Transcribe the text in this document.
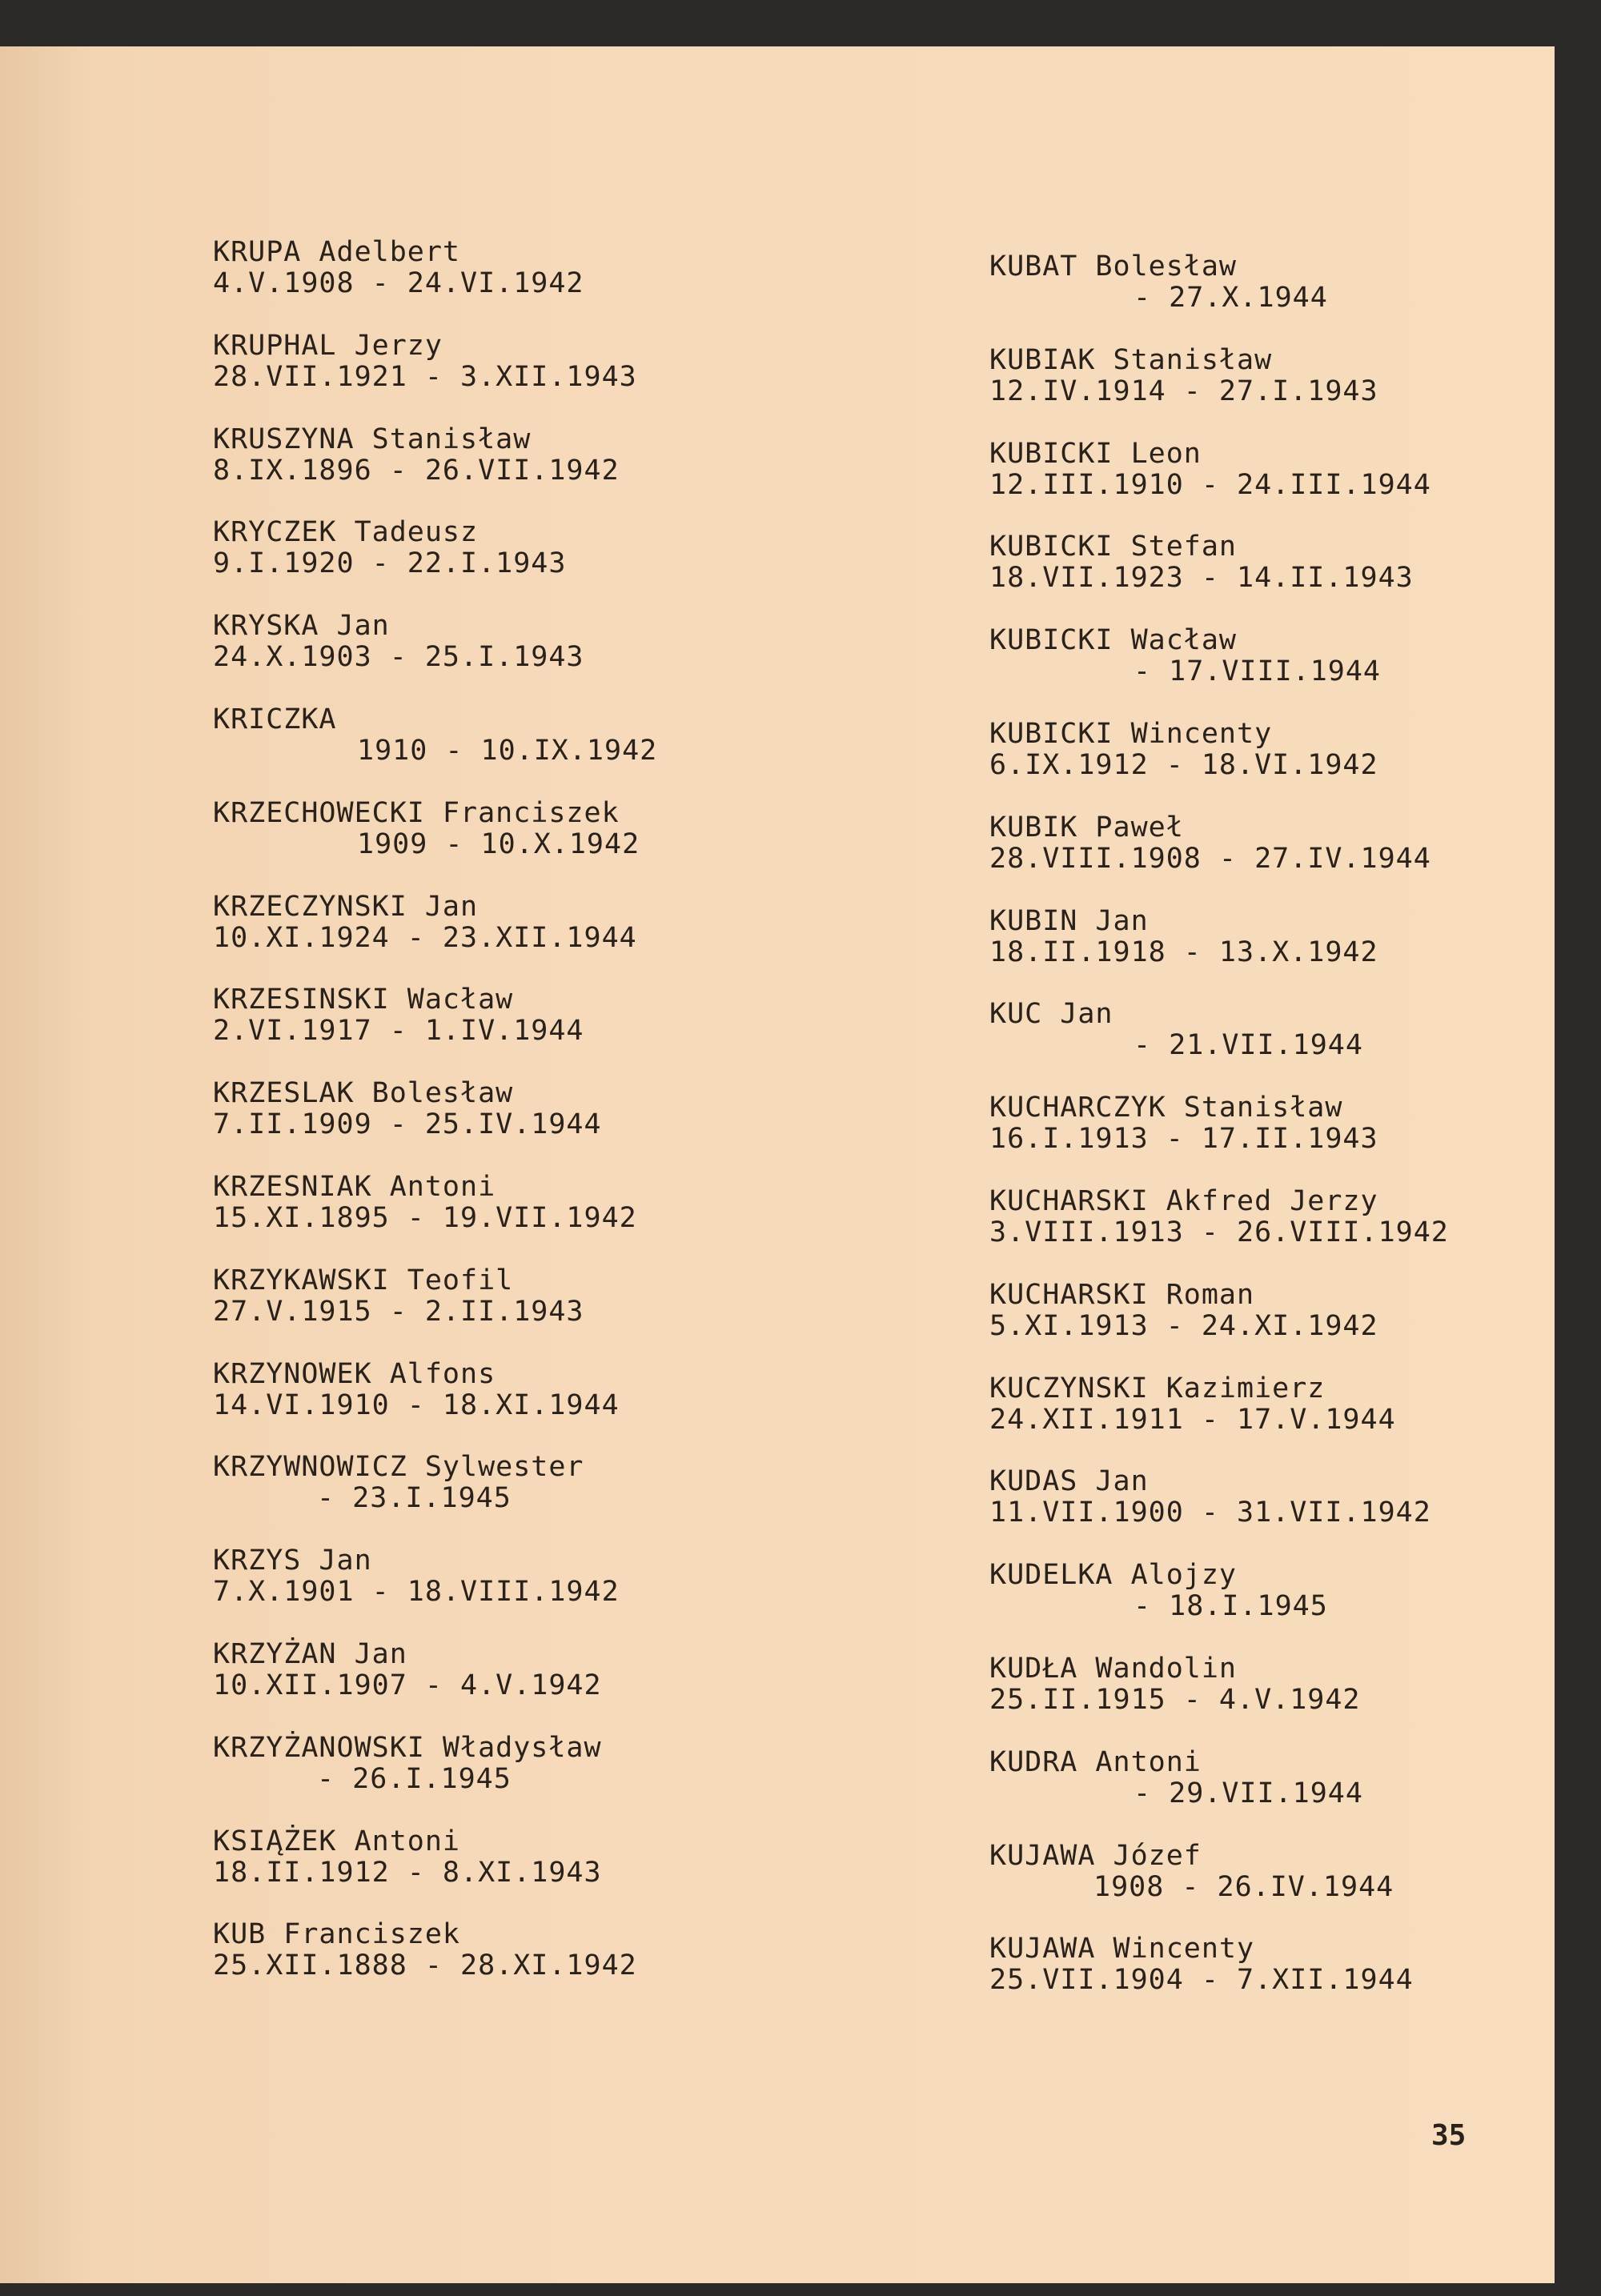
KRUPA Adelbert
4.V.1908 - 24.VI.1942
KRUPHAL Jerzy
28.VII.1921 - 3.XII.1943
KRUSZYNA Stanisław
8.IX.1896 - 26.VII.1942
KRYCZEK Tadeusz
9.I.1920 - 22.I.1943
KRYSKA Jan
24.X.1903 - 25.I.1943
KRICZKA
1910 - 10.IX.1942
KRZECHOWECKI Franciszek
1909 - 10.X.1942
KRZECZYNSKI Jan
10.XI.1924 - 23.XII.1944
KRZESINSKI Wacław
2.VI.1917 - 1.IV.1944
KRZESLAK Bolesław
7.II.1909 - 25.IV.1944
KRZESNIAK Antoni
15.XI.1895 - 19.VII.1942
KRZYKAWSKI Teofil
27.V.1915 - 2.II.1943
KRZYNOWEK Alfons
14.VI.1910 - 18.XI.1944
KRZYWNOWICZ Sylwester
- 23.I.1945
KRZYS Jan
7.X.1901 - 18.VIII.1942
KRZYŻAN Jan
10.XII.1907 - 4.V.1942
KRZYŻANOWSKI Władysław
- 26.I.1945
KSIĄŻEK Antoni
18.II.1912 - 8.XI.1943
KUB Franciszek
25.XII.1888 - 28.XI.1942
KUBAT Bolesław
- 27.X.1944
KUBIAK Stanisław
12.IV.1914 - 27.I.1943
KUBICKI Leon
12.III.1910 - 24.III.1944
KUBICKI Stefan
18.VII.1923 - 14.II.1943
KUBICKI Wacław
- 17.VIII.1944
KUBICKI Wincenty
6.IX.1912 - 18.VI.1942
KUBIK Paweł
28.VIII.1908 - 27.IV.1944
KUBIN Jan
18.II.1918 - 13.X.1942
KUC Jan
- 21.VII.1944
KUCHARCZYK Stanisław
16.I.1913 - 17.II.1943
KUCHARSKI Akfred Jerzy
3.VIII.1913 - 26.VIII.1942
KUCHARSKI Roman
5.XI.1913 - 24.XI.1942
KUCZYNSKI Kazimierz
24.XII.1911 - 17.V.1944
KUDAS Jan
11.VII.1900 - 31.VII.1942
KUDELKA Alojzy
- 18.I.1945
KUDŁA Wandolin
25.II.1915 - 4.V.1942
KUDRA Antoni
- 29.VII.1944
KUJAWA Józef
1908 - 26.IV.1944
KUJAWA Wincenty
25.VII.1904 - 7.XII.1944
35
